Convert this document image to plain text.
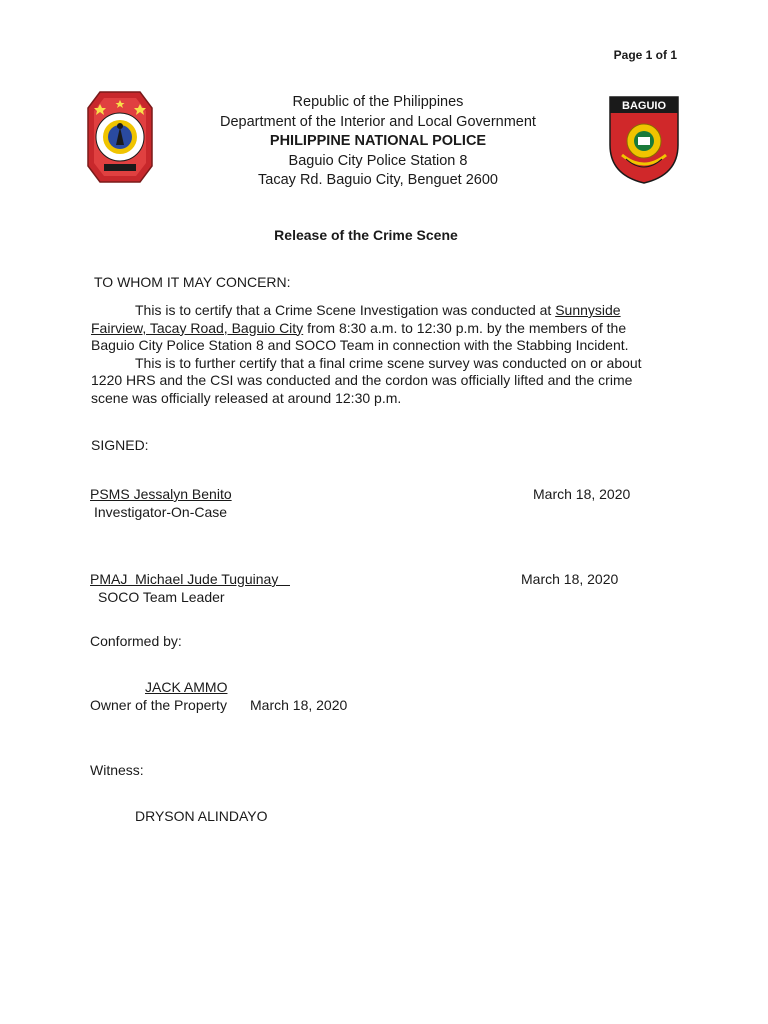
Page 1 of 1
Republic of the Philippines
Department of the Interior and Local Government
PHILIPPINE NATIONAL POLICE
Baguio City Police Station 8
Tacay Rd. Baguio City, Benguet 2600
BAGUIO
Release of the Crime Scene
TO WHOM IT MAY CONCERN:

This is to certify that a Crime Scene Investigation was conducted at Sunnyside Fairview, Tacay Road, Baguio City from 8:30 a.m. to 12:30 p.m. by the members of the Baguio City Police Station 8 and SOCO Team in connection with the Stabbing Incident.

This is to further certify that a final crime scene survey was conducted on or about 1220 HRS and the CSI was conducted and the cordon was officially lifted and the crime scene was officially released at around 12:30 p.m.

SIGNED:
PSMS Jessalyn Benito	March 18, 2020
Investigator-On-Case
PMAJ  Michael Jude Tuguinay	March 18, 2020
SOCO Team Leader
Conformed by:
JACK AMMO
Owner of the Property March 18, 2020
Witness:
DRYSON ALINDAYO
